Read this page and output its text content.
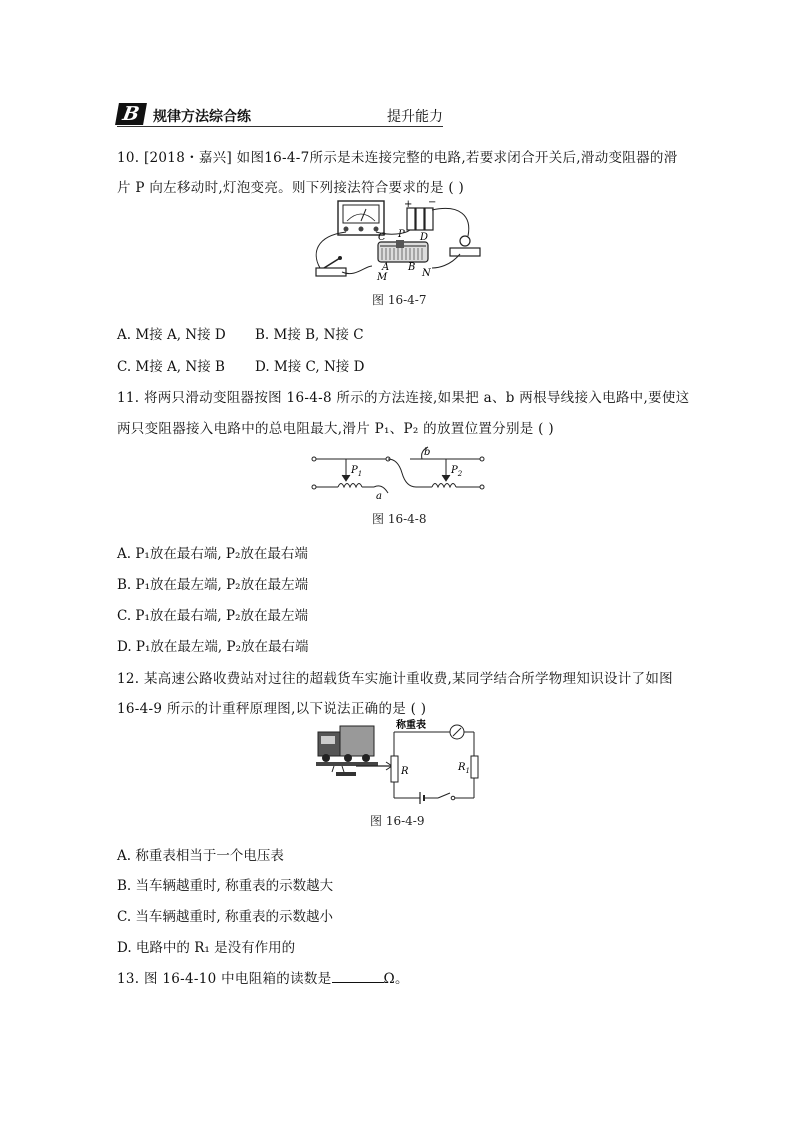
B 规律方法综合练	提升能力
10. [2018・嘉兴] 如图16-4-7所示是未连接完整的电路,若要求闭合开关后,滑动变阻器的滑
片 P 向左移动时,灯泡变亮。则下列接法符合要求的是 ( )
+ −
C P D
A B
M	N
图 16-4-7
A. M接 A, N接 D B. M接 B, N接 C
C. M接 A, N接 B D. M接 C, N接 D
11. 将两只滑动变阻器按图 16-4-8 所示的方法连接,如果把 a、b 两根导线接入电路中,要使这
两只变阻器接入电路中的总电阻最大,滑片 P₁、P₂ 的放置位置分别是 ( )
$P_1$
a
b
$P_2$
图 16-4-8
A. P₁放在最右端, P₂放在最右端
B. P₁放在最左端, P₂放在最左端
C. P₁放在最右端, P₂放在最左端
D. P₁放在最左端, P₂放在最右端
12. 某高速公路收费站对过往的超载货车实施计重收费,某同学结合所学物理知识设计了如图
16-4-9 所示的计重秤原理图,以下说法正确的是 ( )
称重表
R	$R_1$
图 16-4-9
A. 称重表相当于一个电压表
B. 当车辆越重时, 称重表的示数越大
C. 当车辆越重时, 称重表的示数越小
D. 电路中的 R₁ 是没有作用的
13. 图 16-4-10 中电阻箱的读数是	Ω。
